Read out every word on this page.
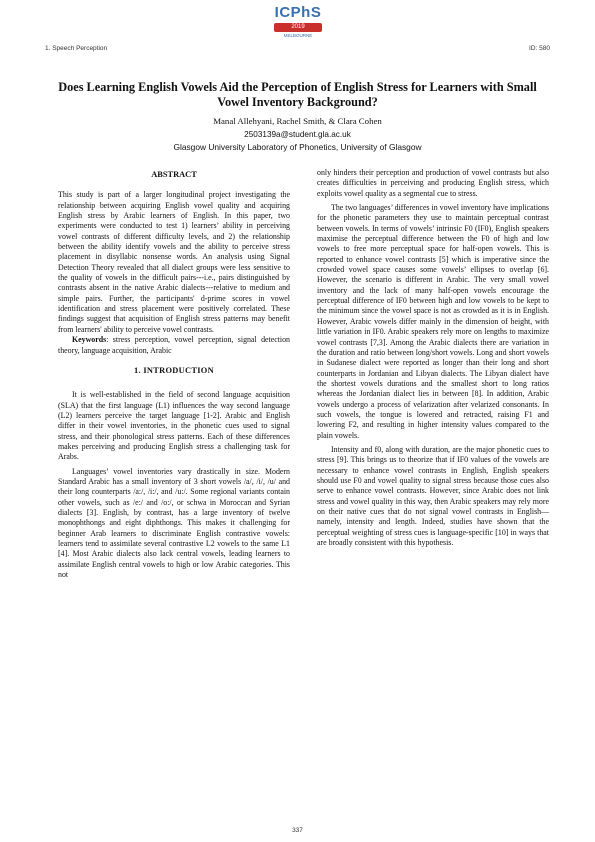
ICPhS
2019
MELBOURNE
1. Speech Perception	ID: 580
Does Learning English Vowels Aid the Perception of English Stress for Learners with Small Vowel Inventory Background?
Manal Allehyani, Rachel Smith, & Clara Cohen
2503139a@student.gla.ac.uk
Glasgow University Laboratory of Phonetics, University of Glasgow
ABSTRACT

This study is part of a larger longitudinal project investigating the relationship between acquiring English vowel quality and acquiring English stress by Arabic learners of English. In this paper, two experiments were conducted to test 1) learners’ ability in perceiving vowel contrasts of different difficulty levels, and 2) the relationship between the ability identify vowels and the ability to perceive stress placement in disyllabic nonsense words. An analysis using Signal Detection Theory revealed that all dialect groups were less sensitive to the quality of vowels in the difficult pairs---i.e., pairs distinguished by contrasts absent in the native Arabic dialects---relative to medium and simple pairs. Further, the participants' d-prime scores in vowel identification and stress placement were positively correlated. These findings suggest that acquisition of English stress patterns may benefit from learners' ability to perceive vowel contrasts.

Keywords: stress perception, vowel perception, signal detection theory, language acquisition, Arabic

1. INTRODUCTION

It is well-established in the field of second language acquisition (SLA) that the first language (L1) influences the way second language (L2) learners perceive the target language [1-2]. Arabic and English differ in their vowel inventories, in the phonetic cues used to signal stress, and their phonological stress patterns. Each of these differences makes perceiving and producing English stress a challenging task for Arabs.

Languages’ vowel inventories vary drastically in size. Modern Standard Arabic has a small inventory of 3 short vowels /a/, /i/, /u/ and their long counterparts /a:/, /i:/, and /u:/. Some regional variants contain other vowels, such as /e:/ and /o:/, or schwa in Moroccan and Syrian dialects [3]. English, by contrast, has a large inventory of twelve monophthongs and eight diphthongs. This makes it challenging for beginner Arab learners to discriminate English contrastive vowels: learners tend to assimilate several contrastive L2 vowels to the same L1 [4]. Most Arabic dialects also lack central vowels, leading learners to assimilate English central vowels to high or low Arabic categories. This not

only hinders their perception and production of vowel contrasts but also creates difficulties in perceiving and producing English stress, which exploits vowel quality as a segmental cue to stress.

The two languages’ differences in vowel inventory have implications for the phonetic parameters they use to maintain perceptual contrast between vowels. In terms of vowels’ intrinsic F0 (IF0), English speakers maximise the perceptual difference between the F0 of high and low vowels to free more perceptual space for half-open vowels. This is reported to enhance vowel contrasts [5] which is imperative since the crowded vowel space causes some vowels’ ellipses to overlap [6]. However, the scenario is different in Arabic. The very small vowel inventory and the lack of many half-open vowels encourage the perceptual difference of IF0 between high and low vowels to be kept to the minimum since the vowel space is not as crowded as it is in English. However, Arabic vowels differ mainly in the dimension of height, with little variation in IF0. Arabic speakers rely more on lengths to maximize vowel contrasts [7,3]. Among the Arabic dialects there are variation in the duration and ratio between long/short vowels. Long and short vowels in Sudanese dialect were reported as longer than their long and short counterparts in Jordanian and Libyan dialects. The Libyan dialect have the shortest vowels durations and the smallest short to long ratios whereas the Jordanian dialect lies in between [8]. In addition, Arabic vowels undergo a process of velarization after velarized consonants. In such vowels, the tongue is lowered and retracted, raising F1 and lowering F2, and resulting in higher intensity values compared to the plain vowels.

Intensity and f0, along with duration, are the major phonetic cues to stress [9]. This brings us to theorize that if IF0 values of the vowels are necessary to enhance vowel contrasts in English, English speakers should use F0 and vowel quality to signal stress because those cues also serve to enhance vowel contrasts. However, since Arabic does not link stress and vowel quality in this way, then Arabic speakers may rely more on their native cues that do not signal vowel contrasts in English—namely, intensity and length. Indeed, studies have shown that the perceptual weighting of stress cues is language-specific [10] in ways that are broadly consistent with this hypothesis.

337
